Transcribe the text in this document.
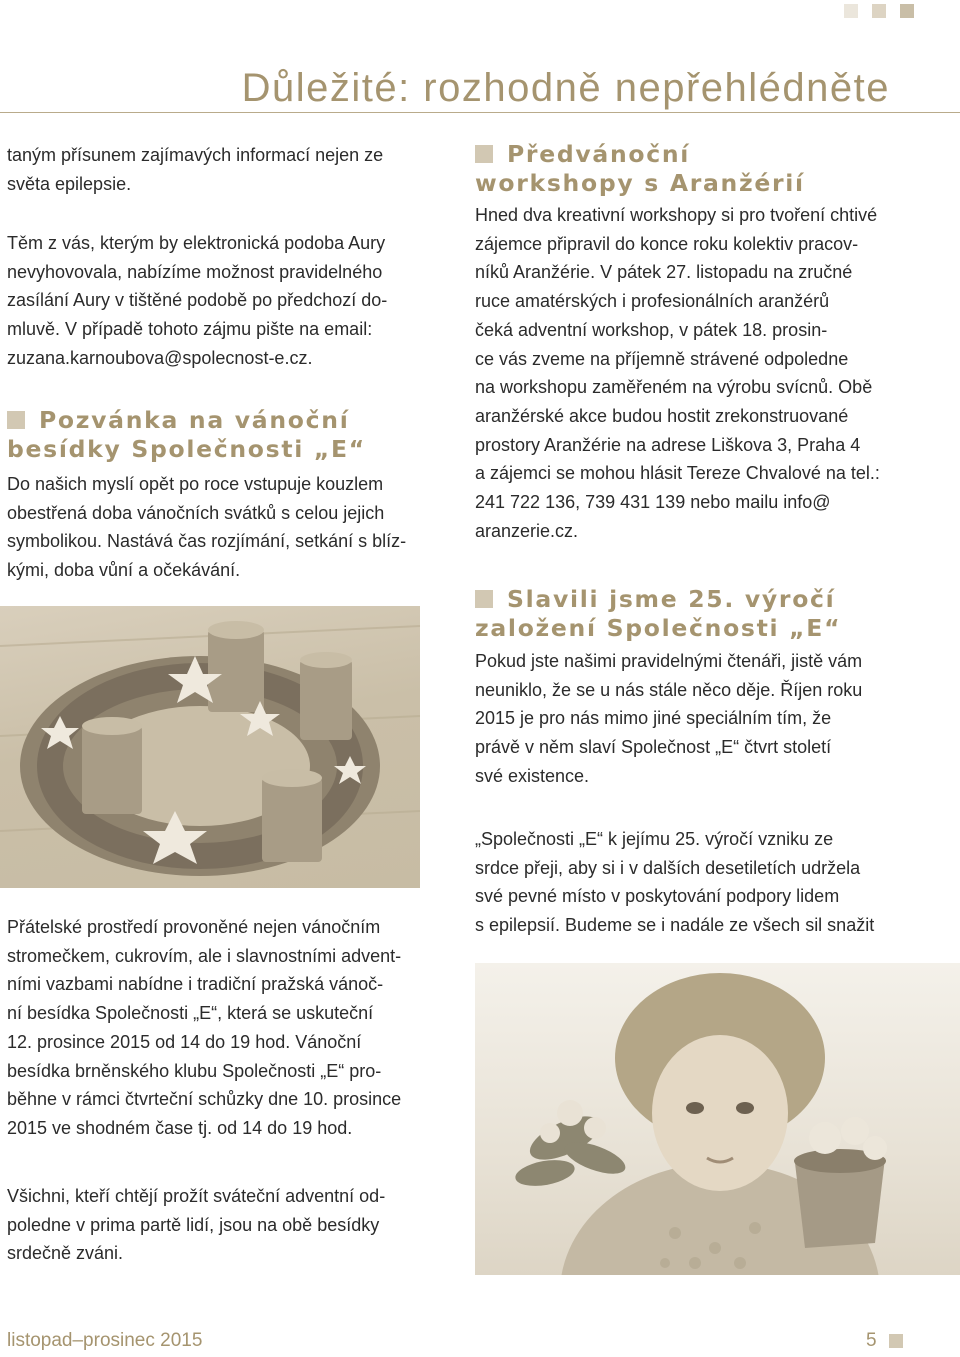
Důležité: rozhodně nepřehlédněte

taným přísunem zajímavých informací nejen ze

světa epilepsie.

Těm z vás, kterým by elektronická podoba Aury

nevyhovovala, nabízíme možnost pravidelného

zasílání Aury v tištěné podobě po předchozí do-

mluvě. V případě tohoto zájmu pište na email:

zuzana.karnoubova@spolecnost-e.cz.

Pozvánka na vánoční

besídky Společnosti „E“

Do našich myslí opět po roce vstupuje kouzlem

obestřená doba vánočních svátků s celou jejich

symbolikou. Nastává čas rozjímání, setkání s blíz-

kými, doba vůní a očekávání.

Přátelské prostředí provoněné nejen vánočním

stromečkem, cukrovím, ale i slavnostními advent-

ními vazbami nabídne i tradiční pražská vánoč-

ní besídka Společnosti „E“, která se uskuteční

12. prosince 2015 od 14 do 19 hod. Vánoční

besídka brněnského klubu Společnosti „E“ pro-

běhne v rámci čtvrteční schůzky dne 10. prosince

2015 ve shodném čase tj. od 14 do 19 hod.

Všichni, kteří chtějí prožít sváteční adventní od-

poledne v prima partě lidí, jsou na obě besídky

srdečně zváni.

Předvánoční

workshopy s Aranžérií

Hned dva kreativní workshopy si pro tvoření chtivé

zájemce připravil do konce roku kolektiv pracov-

níků Aranžérie. V pátek 27. listopadu na zručné

ruce amatérských i profesionálních aranžérů

čeká adventní workshop, v pátek 18. prosin-

ce vás zveme na příjemně strávené odpoledne

na workshopu zaměřeném na výrobu svícnů. Obě

aranžérské akce budou hostit zrekonstruované

prostory Aranžérie na adrese Liškova 3, Praha 4

a zájemci se mohou hlásit Tereze Chvalové na tel.:

241 722 136, 739 431 139 nebo mailu info@

aranzerie.cz.

Slavili jsme 25. výročí

založení Společnosti „E“

Pokud jste našimi pravidelnými čtenáři, jistě vám

neuniklo, že se u nás stále něco děje. Říjen roku

2015 je pro nás mimo jiné speciálním tím, že

právě v něm slaví Společnost „E“ čtvrt století

své existence.

„Společnosti „E“ k jejímu 25. výročí vzniku ze

srdce přeji, aby si i v dalších desetiletích udržela

své pevné místo v poskytování podpory lidem

s epilepsií. Budeme se i nadále ze všech sil snažit

listopad–prosinec 2015	5
